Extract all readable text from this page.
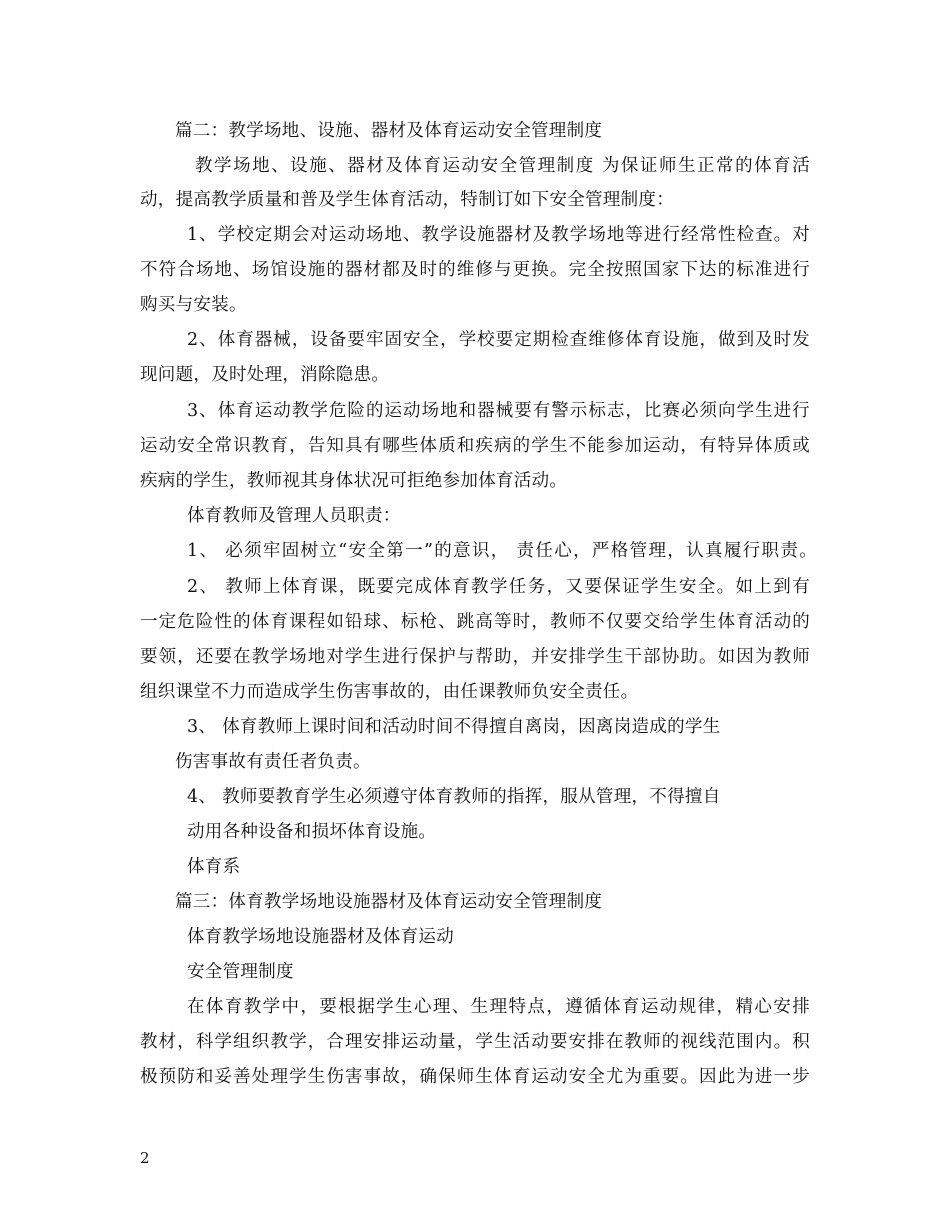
篇二：教学场地、设施、器材及体育运动安全管理制度
教学场地、设施、器材及体育运动安全管理制度 为保证师生正常的体育活
动，提高教学质量和普及学生体育活动，特制订如下安全管理制度：
1、学校定期会对运动场地、教学设施器材及教学场地等进行经常性检查。对
不符合场地、场馆设施的器材都及时的维修与更换。完全按照国家下达的标准进行
购买与安装。
2、体育器械，设备要牢固安全，学校要定期检查维修体育设施，做到及时发
现问题，及时处理，消除隐患。
3、体育运动教学危险的运动场地和器械要有警示标志，比赛必须向学生进行
运动安全常识教育，告知具有哪些体质和疾病的学生不能参加运动，有特异体质或
疾病的学生，教师视其身体状况可拒绝参加体育活动。
体育教师及管理人员职责：
1、 必须牢固树立“安全第一”的意识， 责任心，严格管理，认真履行职责。
2、 教师上体育课，既要完成体育教学任务，又要保证学生安全。如上到有
一定危险性的体育课程如铅球、标枪、跳高等时，教师不仅要交给学生体育活动的
要领，还要在教学场地对学生进行保护与帮助，并安排学生干部协助。如因为教师
组织课堂不力而造成学生伤害事故的，由任课教师负安全责任。
3、 体育教师上课时间和活动时间不得擅自离岗，因离岗造成的学生
伤害事故有责任者负责。
4、 教师要教育学生必须遵守体育教师的指挥，服从管理，不得擅自
动用各种设备和损坏体育设施。
体育系
篇三：体育教学场地设施器材及体育运动安全管理制度
体育教学场地设施器材及体育运动
安全管理制度
在体育教学中，要根据学生心理、生理特点，遵循体育运动规律，精心安排
教材，科学组织教学，合理安排运动量，学生活动要安排在教师的视线范围内。积
极预防和妥善处理学生伤害事故，确保师生体育运动安全尤为重要。因此为进一步
2
